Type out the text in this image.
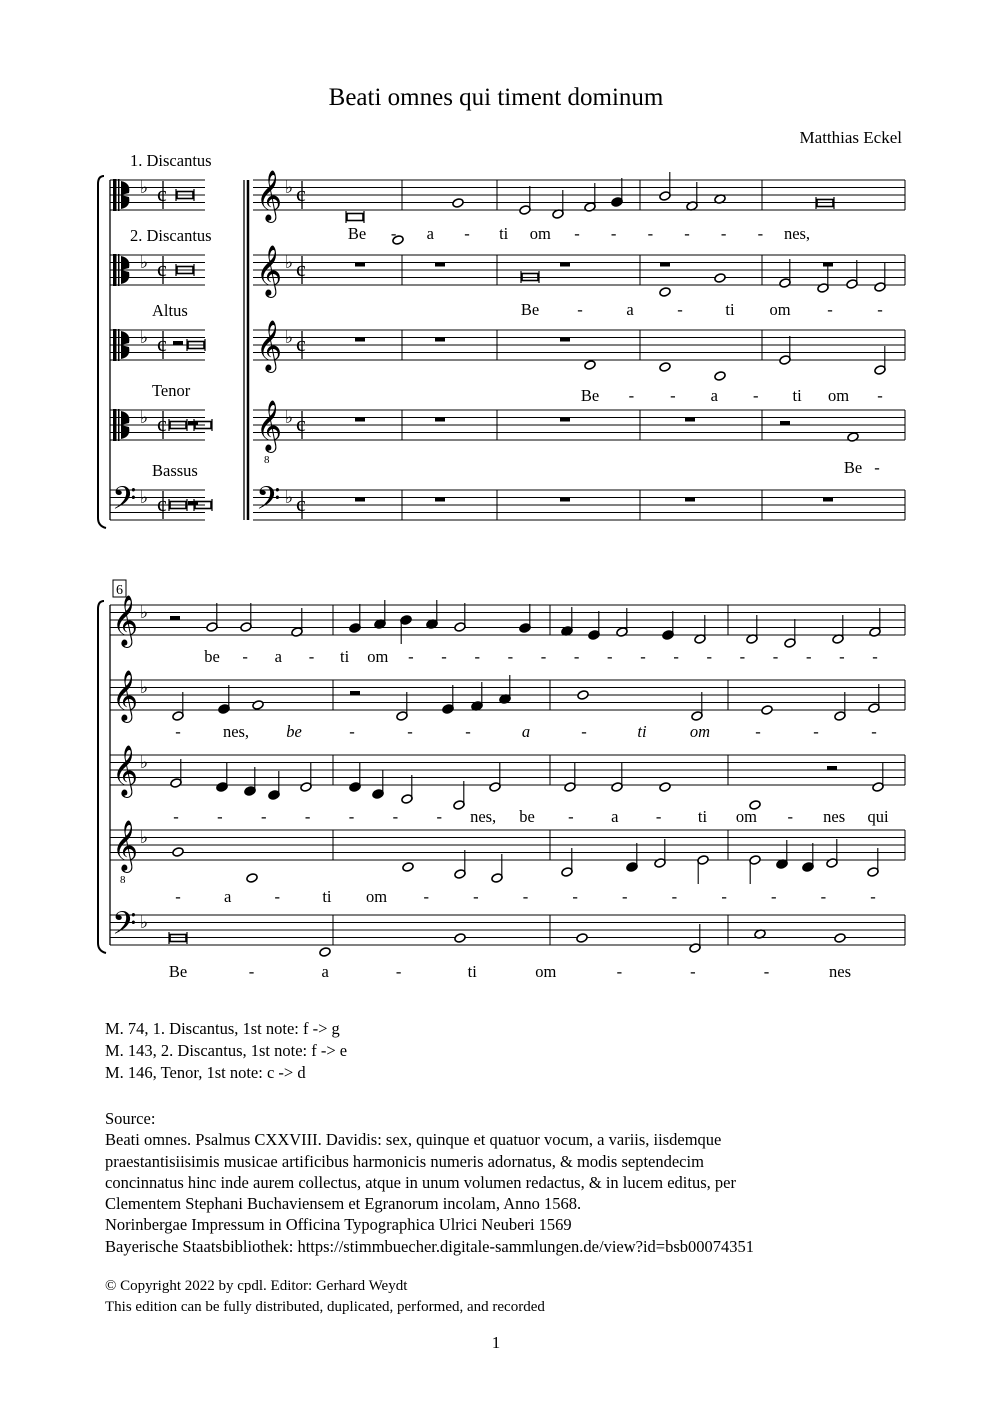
Beati omnes qui timent dominum
Matthias Eckel
1. Discantus
♭ c 𝄞 ♭ c
2. Discantus
♭ c 𝄞 ♭ c
Altus
♭ c 𝄞 ♭ c
Tenor
♭ c 𝄞
8
♭ c
Bassus
𝄢 ♭ c 𝄢 ♭ c
Be - a - ti om - - - - - - nes,
Be -	a	-	ti om -	-
Be - - a - ti om -
Be -
6
𝄞 ♭
𝄞 ♭
𝄞 ♭
𝄞
8
♭
𝄢 ♭
be - a - ti om - - - - - - - - - - - - - - -
-	nes, be	-	-	-	a	-	ti	om	-	-	-
- - - - - - - nes, be - a - ti om - nes qui
-	a	-	ti om -	-	-	-	-	-	-	-	-	-
Be	-	a	-	ti	om	-	-	-	nes
M. 74, 1. Discantus, 1st note: f -> g
M. 143, 2. Discantus, 1st note: f -> e
M. 146, Tenor, 1st note: c -> d
Source:
Beati omnes. Psalmus CXXVIII. Davidis: sex, quinque et quatuor vocum, a variis, iisdemque
praestantisiisimis musicae artificibus harmonicis numeris adornatus, & modis septendecim
concinnatus hinc inde aurem collectus, atque in unum volumen redactus, & in lucem editus, per
Clementem Stephani Buchaviensem et Egranorum incolam, Anno 1568.
Norinbergae Impressum in Officina Typographica Ulrici Neuberi 1569
Bayerische Staatsbibliothek: https://stimmbuecher.digitale-sammlungen.de/view?id=bsb00074351
© Copyright 2022 by cpdl. Editor: Gerhard Weydt
This edition can be fully distributed, duplicated, performed, and recorded
1
